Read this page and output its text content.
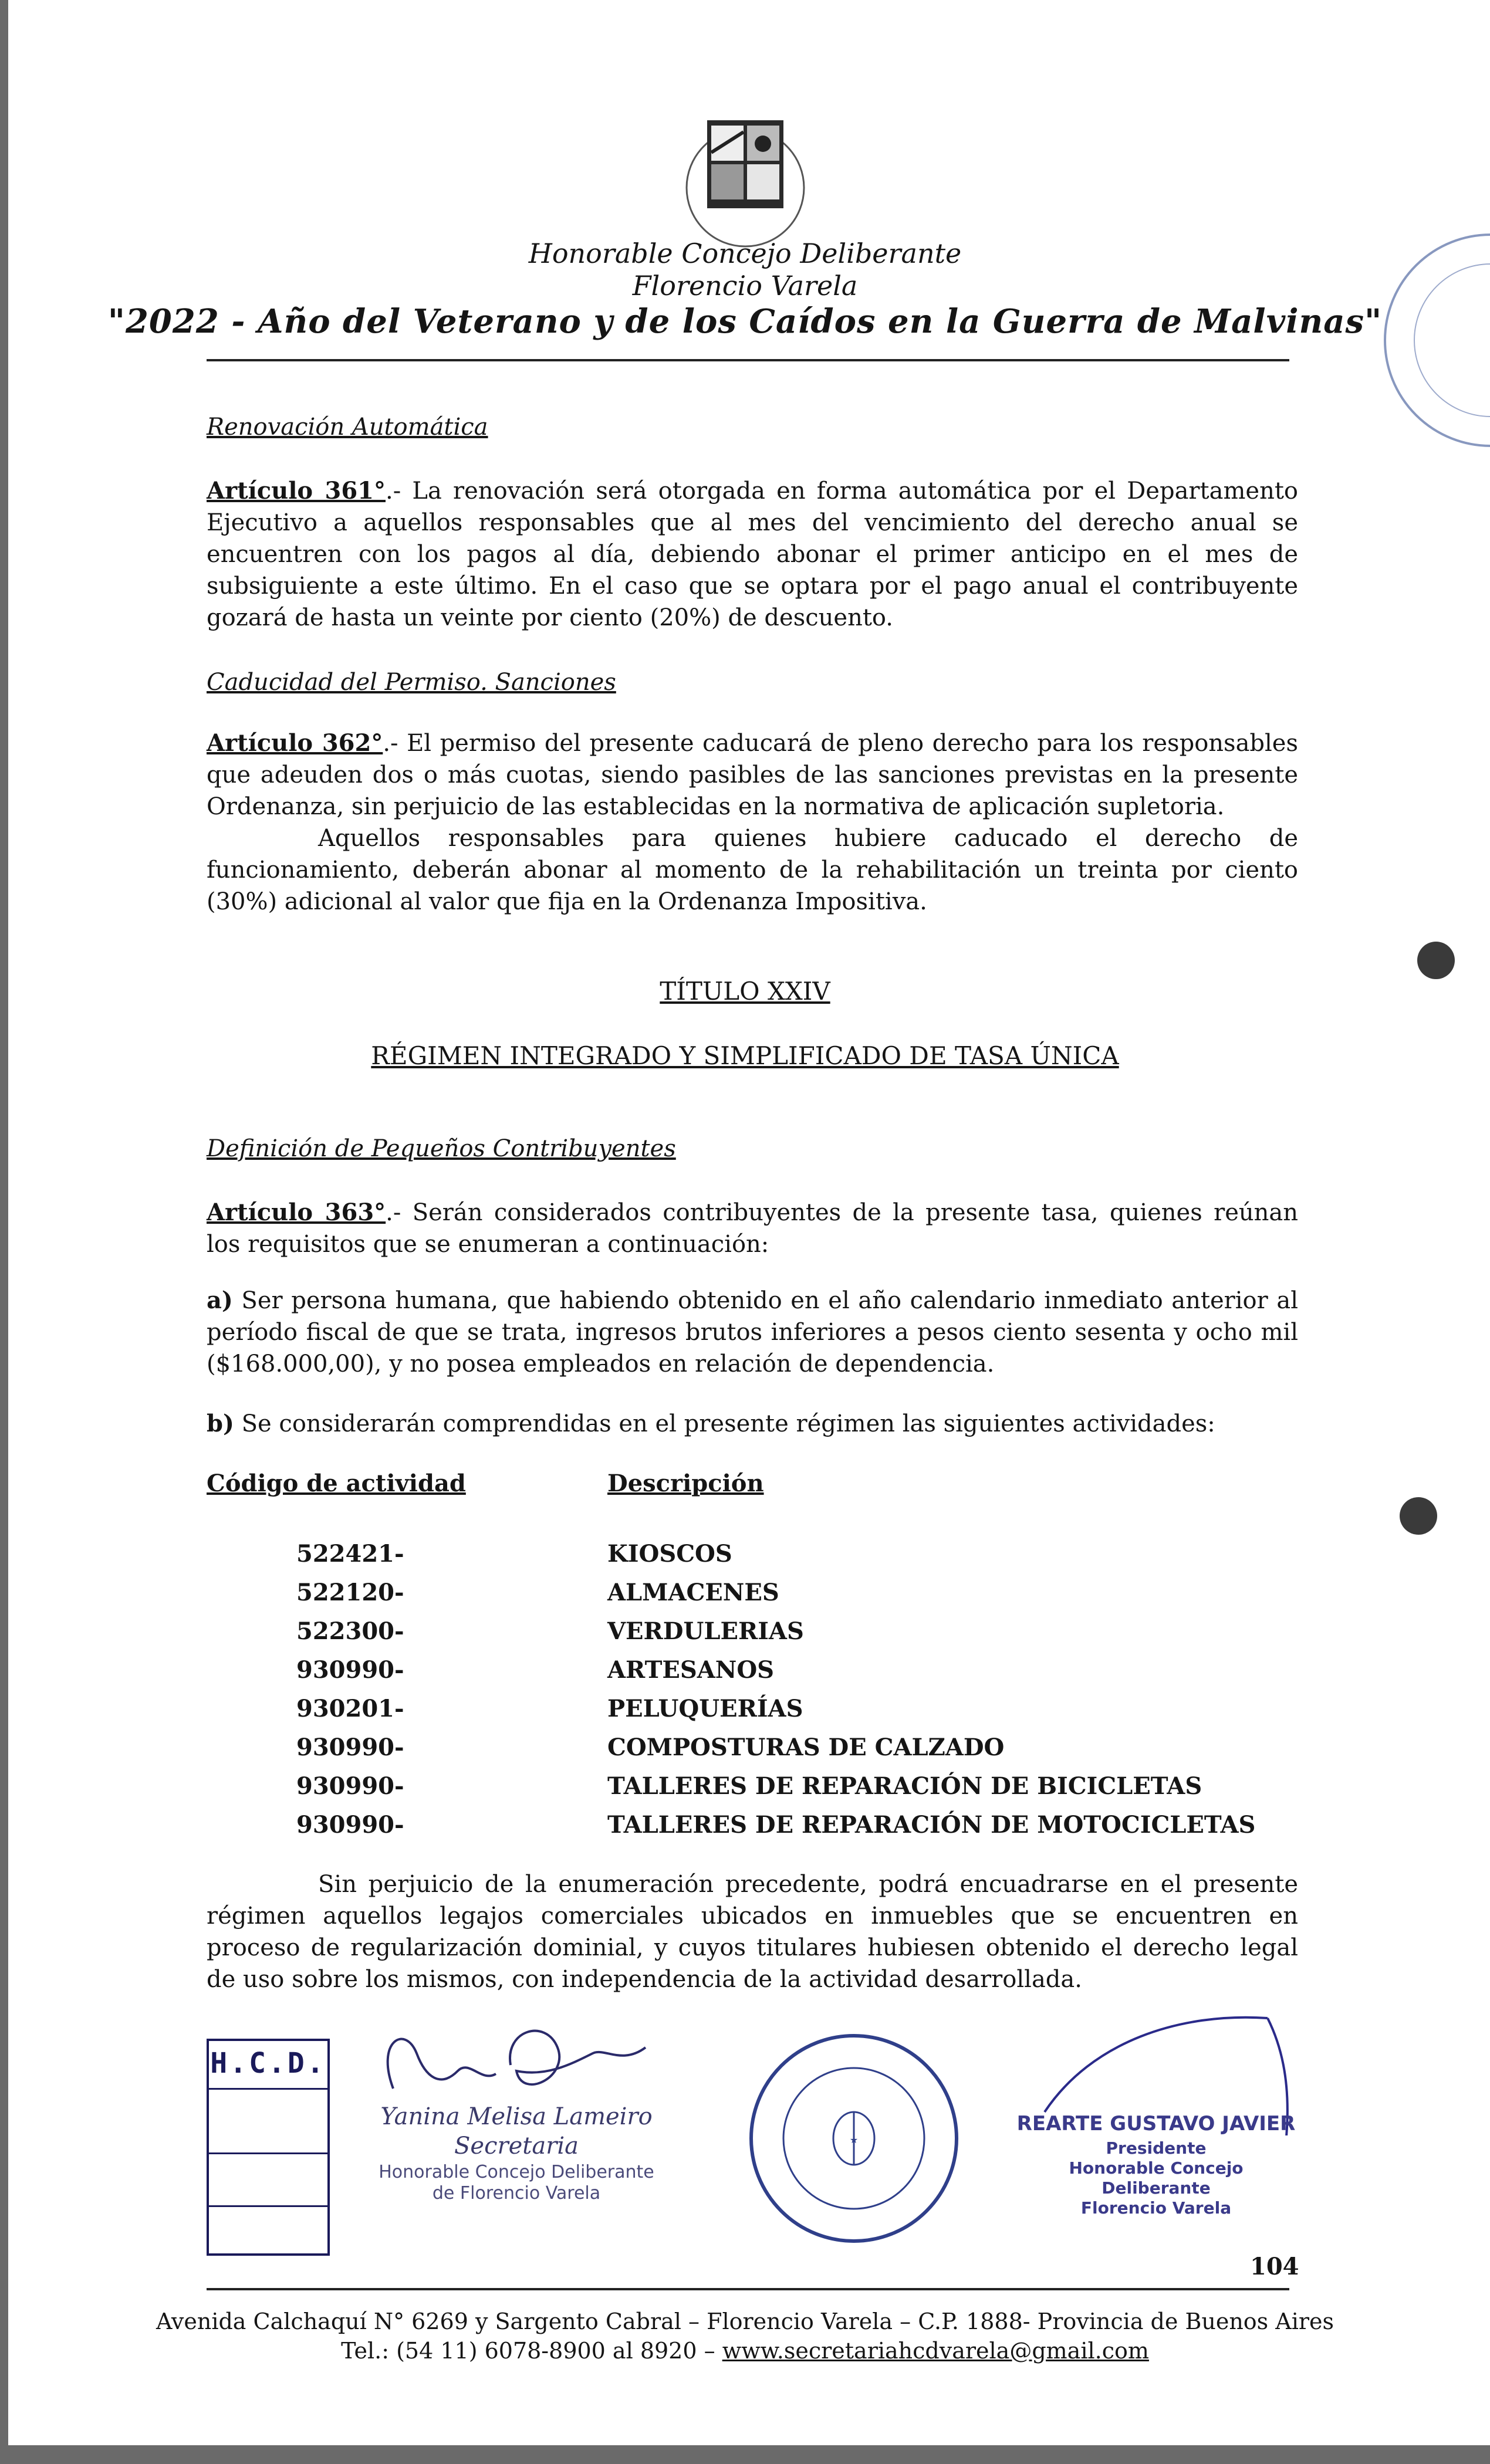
Honorable Concejo Deliberante
Florencio Varela
"2022 - Año del Veterano y de los Caídos en la Guerra de Malvinas"
Renovación Automática
Artículo 361°.- La renovación será otorgada en forma automática por el Departamento Ejecutivo a aquellos responsables que al mes del vencimiento del derecho anual se encuentren con los pagos al día, debiendo abonar el primer anticipo en el mes de subsiguiente a este último. En el caso que se optara por el pago anual el contribuyente gozará de hasta un veinte por ciento (20%) de descuento.
Caducidad del Permiso. Sanciones
Artículo 362°.- El permiso del presente caducará de pleno derecho para los responsables que adeuden dos o más cuotas, siendo pasibles de las sanciones previstas en la presente Ordenanza, sin perjuicio de las establecidas en la normativa de aplicación supletoria.
Aquellos responsables para quienes hubiere caducado el derecho de funcionamiento, deberán abonar al momento de la rehabilitación un treinta por ciento (30%) adicional al valor que fija en la Ordenanza Impositiva.
TÍTULO XXIV
RÉGIMEN INTEGRADO Y SIMPLIFICADO DE TASA ÚNICA
Definición de Pequeños Contribuyentes
Artículo 363°.- Serán considerados contribuyentes de la presente tasa, quienes reúnan los requisitos que se enumeran a continuación:
a) Ser persona humana, que habiendo obtenido en el año calendario inmediato anterior al período fiscal de que se trata, ingresos brutos inferiores a pesos ciento sesenta y ocho mil ($168.000,00), y no posea empleados en relación de dependencia.
b) Se considerarán comprendidas en el presente régimen las siguientes actividades:
Código de actividad	Descripción
522421-	KIOSCOS
522120-	ALMACENES
522300-	VERDULERIAS
930990-	ARTESANOS
930201-	PELUQUERÍAS
930990-	COMPOSTURAS DE CALZADO
930990-	TALLERES DE REPARACIÓN DE BICICLETAS
930990-	TALLERES DE REPARACIÓN DE MOTOCICLETAS
Sin perjuicio de la enumeración precedente, podrá encuadrarse en el presente régimen aquellos legajos comerciales ubicados en inmuebles que se encuentren en proceso de regularización dominial, y cuyos titulares hubiesen obtenido el derecho legal de uso sobre los mismos, con independencia de la actividad desarrollada.
H.C.D.
Yanina Melisa Lameiro
Secretaria
Honorable Concejo Deliberante
de Florencio Varela
★
REARTE GUSTAVO JAVIER
Presidente
Honorable Concejo Deliberante
Florencio Varela
104
Avenida Calchaquí N° 6269 y Sargento Cabral – Florencio Varela – C.P. 1888- Provincia de Buenos Aires
Tel.: (54 11) 6078-8900 al 8920 – www.secretariahcdvarela@gmail.com
